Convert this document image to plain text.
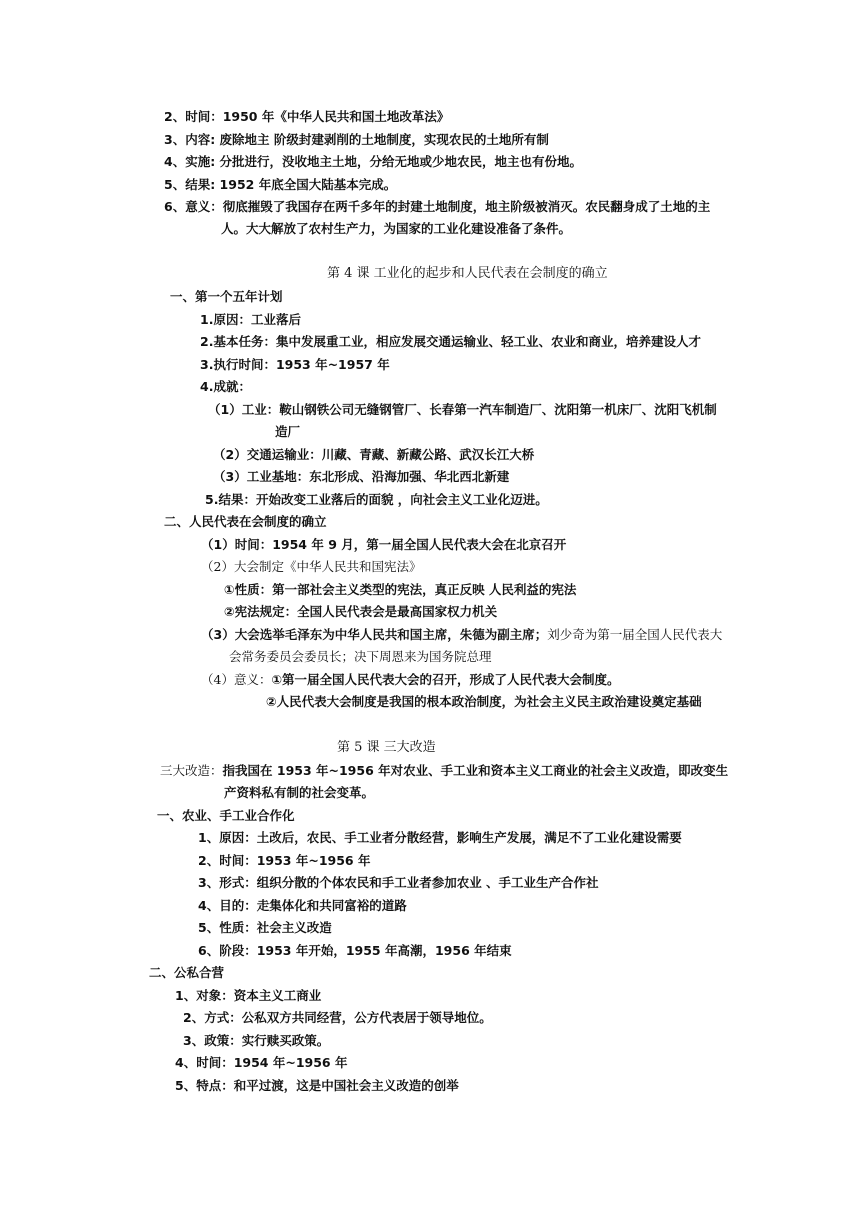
2、时间：1950 年《中华人民共和国土地改革法》
3、内容: 废除地主 阶级封建剥削的土地制度，实现农民的土地所有制
4、实施: 分批进行，没收地主土地，分给无地或少地农民，地主也有份地。
5、结果: 1952 年底全国大陆基本完成。
6、意义：彻底摧毁了我国存在两千多年的封建土地制度，地主阶级被消灭。农民翻身成了土地的主
人。大大解放了农村生产力，为国家的工业化建设准备了条件。
第 4 课 工业化的起步和人民代表在会制度的确立
一、第一个五年计划
1.原因：工业落后
2.基本任务：集中发展重工业，相应发展交通运输业、轻工业、农业和商业，培养建设人才
3.执行时间：1953 年~1957 年
4.成就：
（1）工业：鞍山钢铁公司无缝钢管厂、长春第一汽车制造厂、沈阳第一机床厂、沈阳飞机制
造厂
（2）交通运输业：川藏、青藏、新藏公路、武汉长江大桥
（3）工业基地：东北形成、沿海加强、华北西北新建
5.结果：开始改变工业落后的面貌 ，向社会主义工业化迈进。
二、人民代表在会制度的确立
（1）时间：1954 年 9 月，第一届全国人民代表大会在北京召开
（2）大会制定《中华人民共和国宪法》
①性质：第一部社会主义类型的宪法，真正反映 人民利益的宪法
②宪法规定：全国人民代表会是最高国家权力机关
（3）大会选举毛泽东为中华人民共和国主席，朱德为副主席；刘少奇为第一届全国人民代表大
会常务委员会委员长；决下周恩来为国务院总理
（4）意义：①第一届全国人民代表大会的召开，形成了人民代表大会制度。
②人民代表大会制度是我国的根本政治制度，为社会主义民主政治建设奠定基础
第 5 课 三大改造
三大改造：指我国在 1953 年~1956 年对农业、手工业和资本主义工商业的社会主义改造，即改变生
产资料私有制的社会变革。
一、农业、手工业合作化
1、原因：土改后，农民、手工业者分散经营，影响生产发展，满足不了工业化建设需要
2、时间：1953 年~1956 年
3、形式：组织分散的个体农民和手工业者参加农业 、手工业生产合作社
4、目的：走集体化和共同富裕的道路
5、性质：社会主义改造
6、阶段：1953 年开始，1955 年高潮，1956 年结束
二、公私合营
1、对象：资本主义工商业
2、方式：公私双方共同经营，公方代表居于领导地位。
3、政策：实行赎买政策。
4、时间：1954 年~1956 年
5、特点：和平过渡，这是中国社会主义改造的创举
